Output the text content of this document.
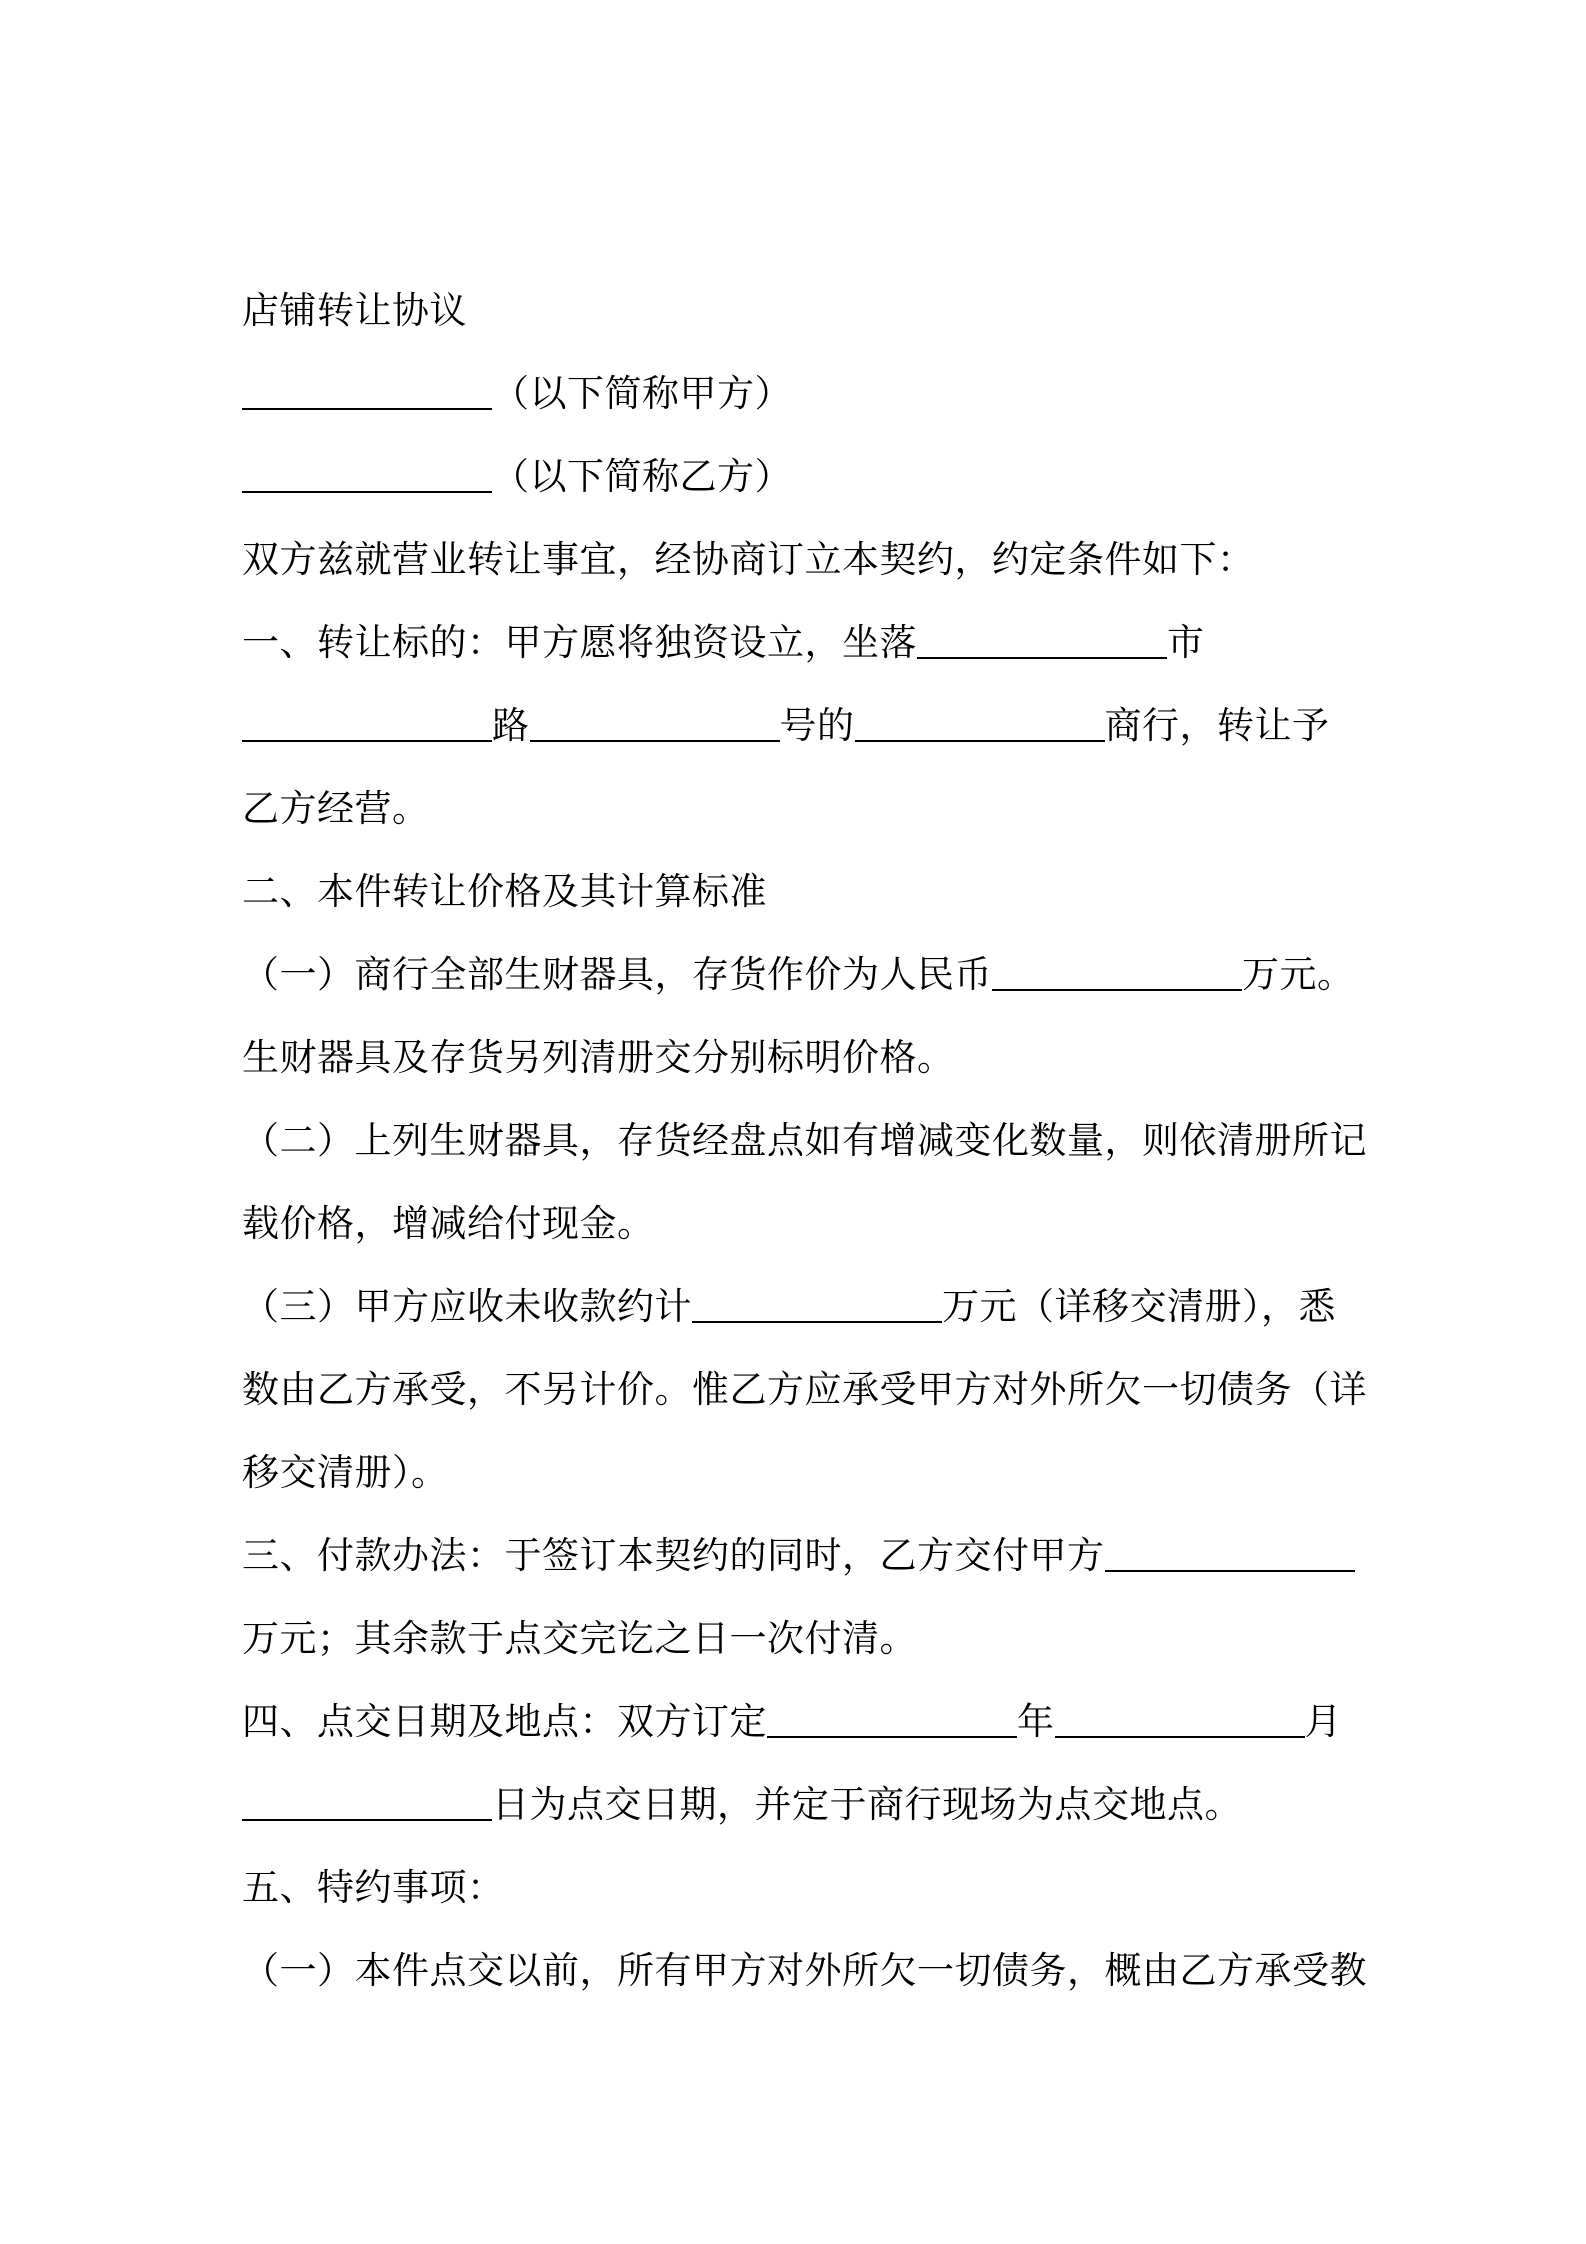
店铺转让协议
（以下简称甲方）
（以下简称乙方）
双方兹就营业转让事宜，经协商订立本契约，约定条件如下：
一、转让标的：甲方愿将独资设立，坐落	市
路	号的	商行，转让予
乙方经营。
二、本件转让价格及其计算标准
（一）商行全部生财器具，存货作价为人民币	万元。
生财器具及存货另列清册交分别标明价格。
（二）上列生财器具，存货经盘点如有增减变化数量，则依清册所记
载价格，增减给付现金。
（三）甲方应收未收款约计	万元（详移交清册），悉
数由乙方承受，不另计价。惟乙方应承受甲方对外所欠一切债务（详
移交清册）。
三、付款办法：于签订本契约的同时，乙方交付甲方
万元；其余款于点交完讫之日一次付清。
四、点交日期及地点：双方订定	年	月
日为点交日期，并定于商行现场为点交地点。
五、特约事项：
（一）本件点交以前，所有甲方对外所欠一切债务，概由乙方承受教
